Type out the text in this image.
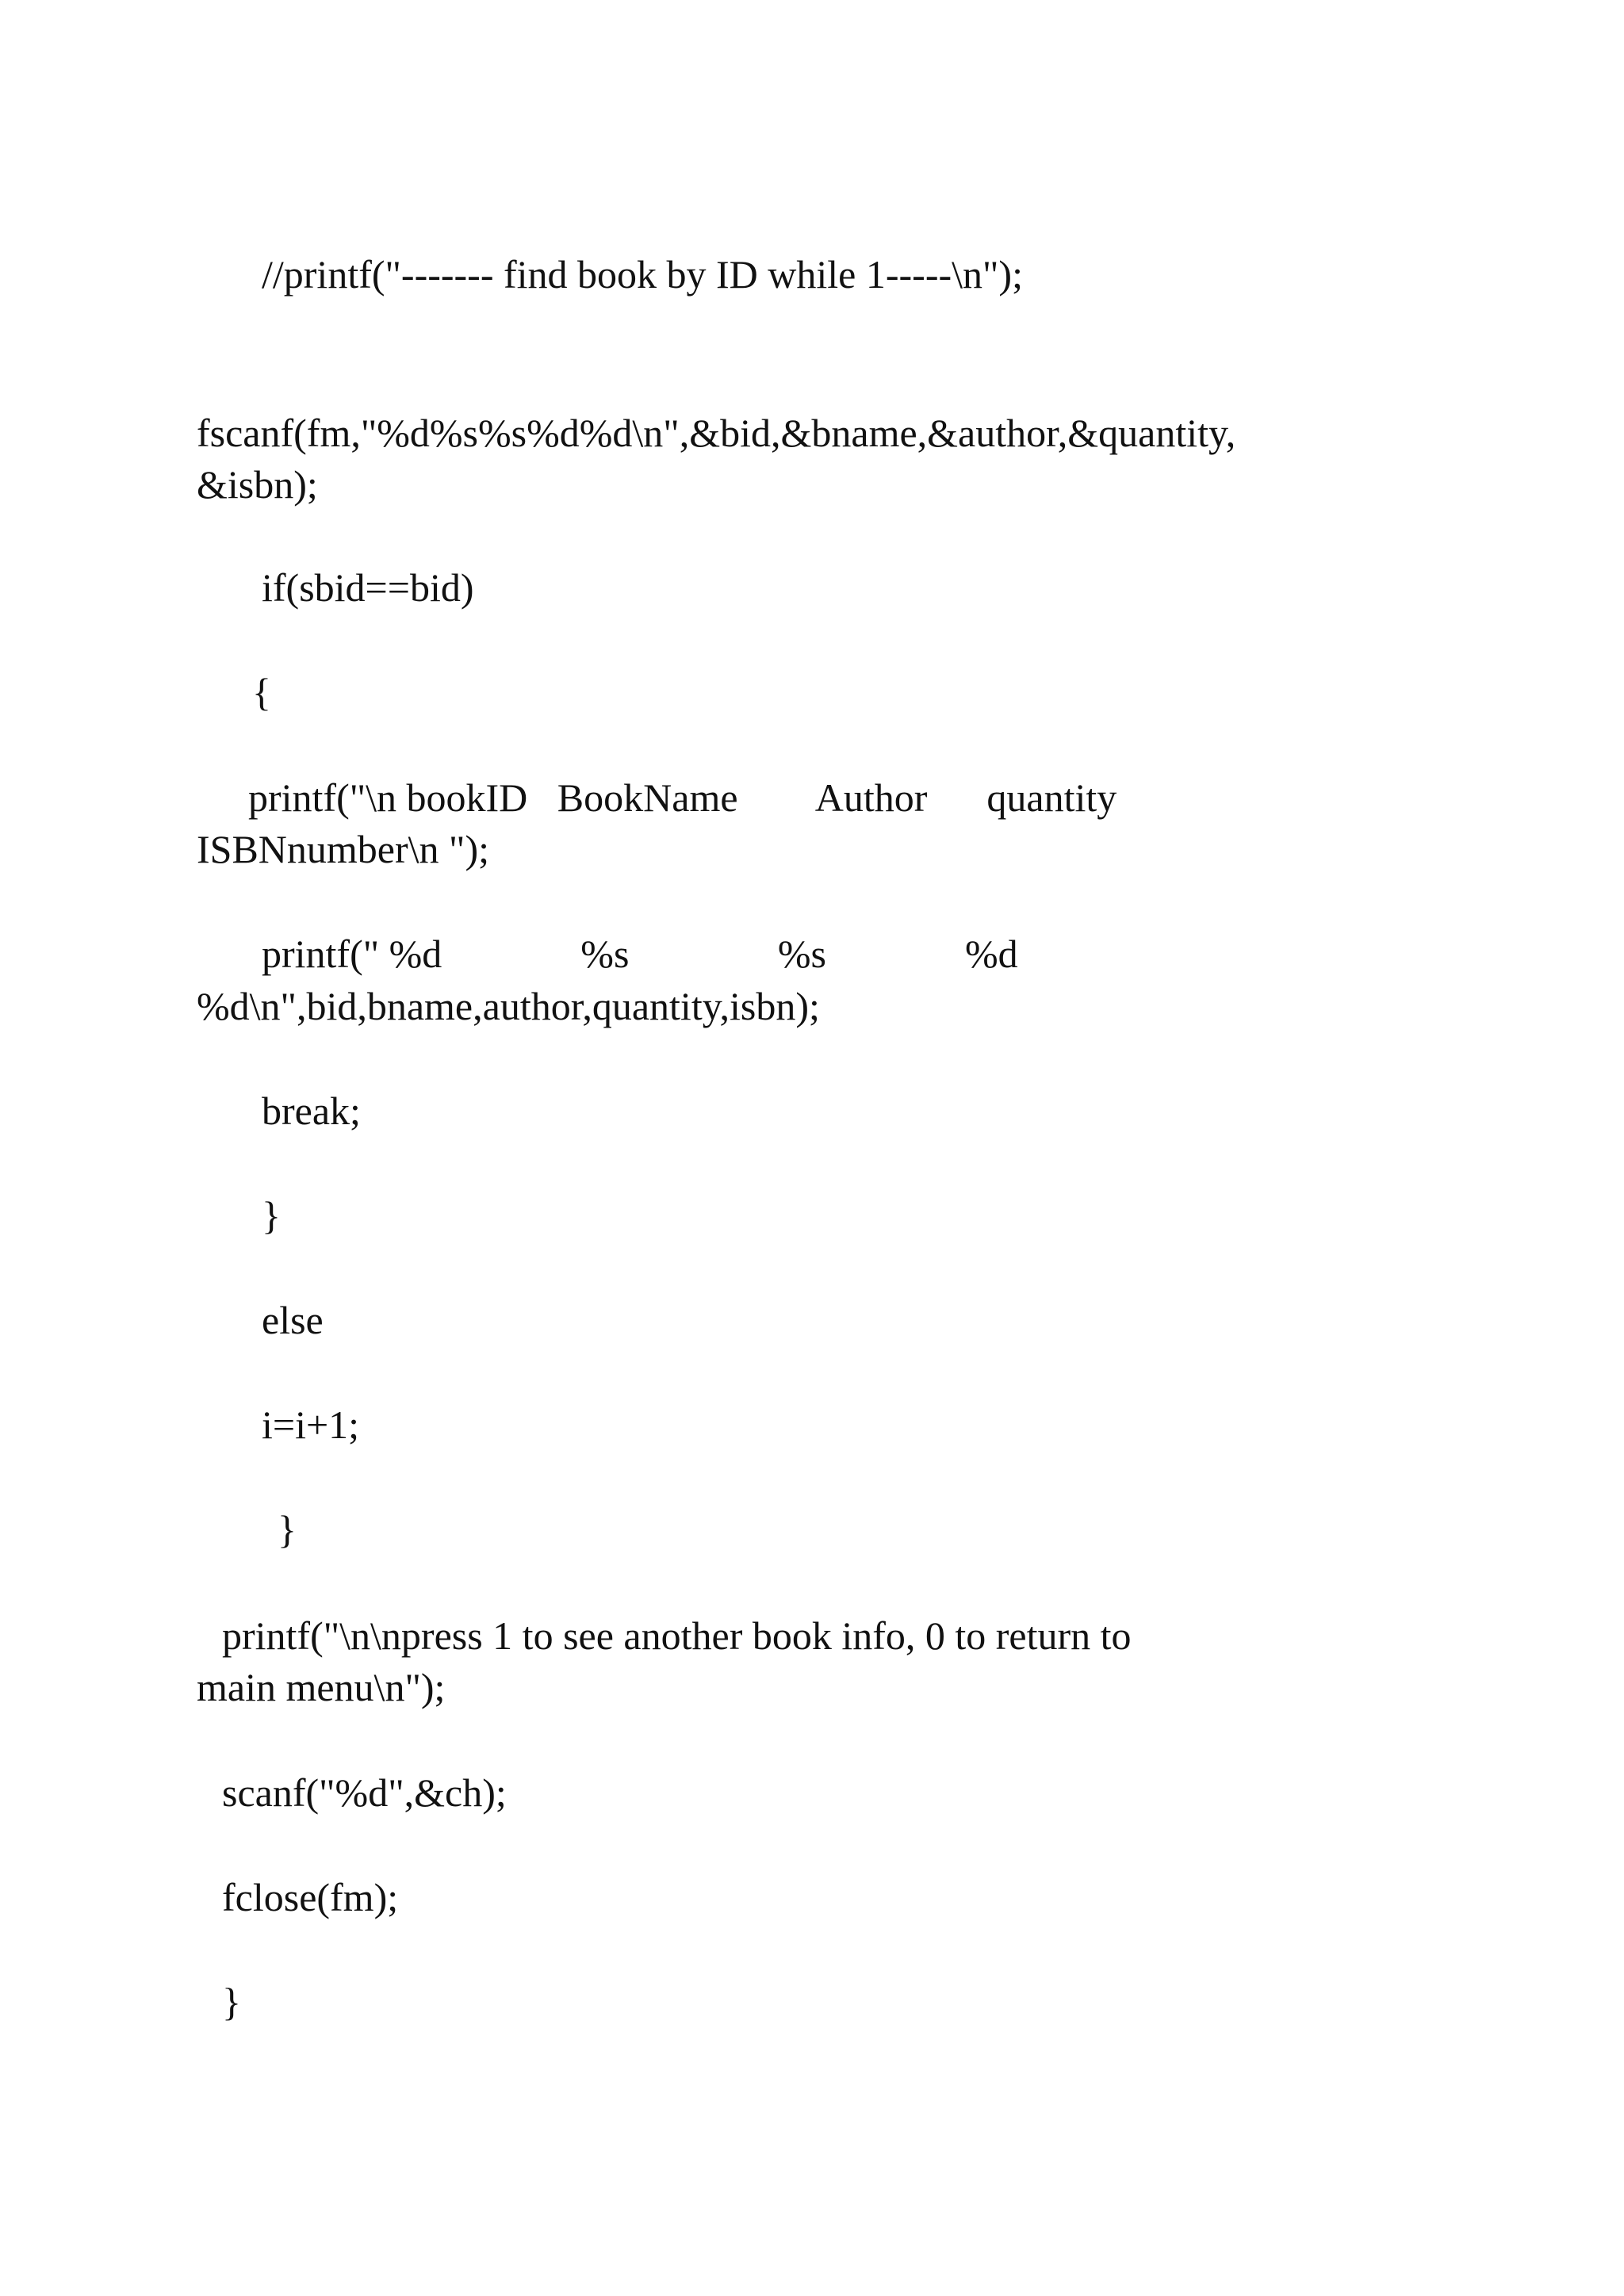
//printf("------- find book by ID while 1-----\n");
fscanf(fm,"%d%s%s%d%d\n",&bid,&bname,&author,&quantity,
&isbn);
if(sbid==bid)
{
printf("\n bookID   BookName        Author      quantity
ISBNnumber\n ");
printf(" %d              %s               %s              %d
%d\n",bid,bname,author,quantity,isbn);
break;
}
else
i=i+1;
}
printf("\n\npress 1 to see another book info, 0 to return to
main menu\n");
scanf("%d",&ch);
fclose(fm);
}
